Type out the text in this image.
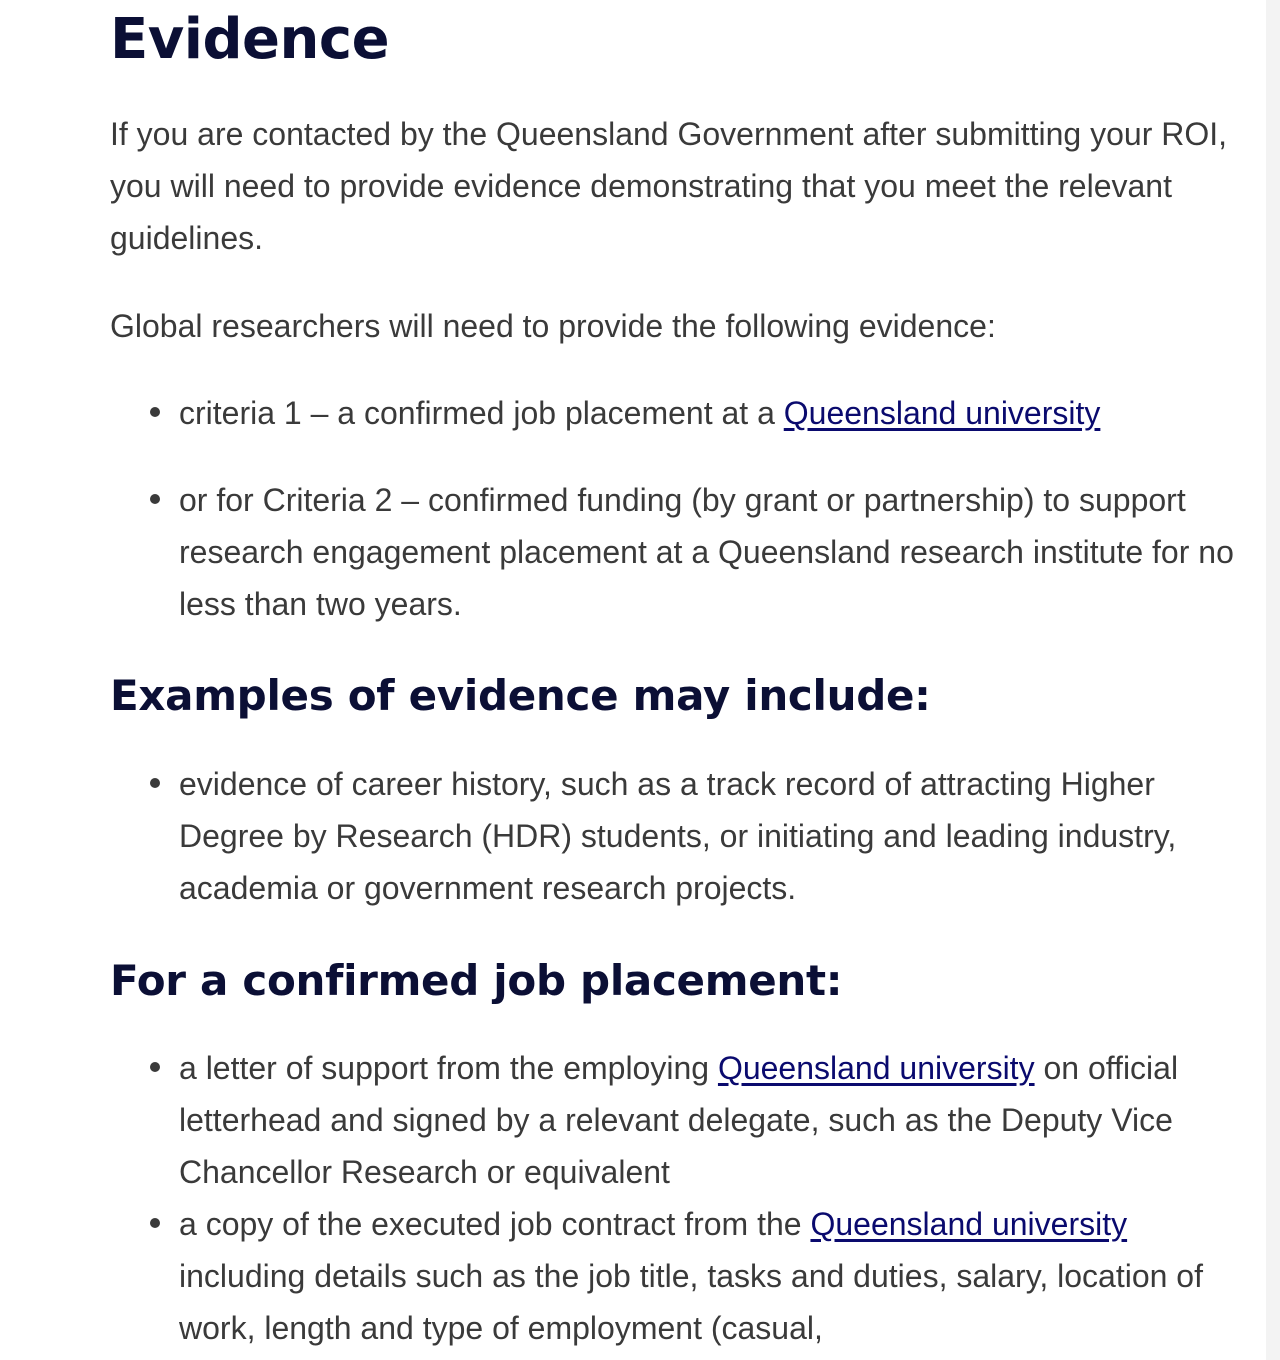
Evidence

If you are contacted by the Queensland Government after submitting your ROI, you will need to provide evidence demonstrating that you meet the relevant guidelines.

Global researchers will need to provide the following evidence:

criteria 1 – a confirmed job placement at a Queensland university
or for Criteria 2 – confirmed funding (by grant or partnership) to support research engagement placement at a Queensland research institute for no less than two years.
Examples of evidence may include:
evidence of career history, such as a track record of attracting Higher Degree by Research (HDR) students, or initiating and leading industry, academia or government research projects.
For a confirmed job placement:
a letter of support from the employing Queensland university on official letterhead and signed by a relevant delegate, such as the Deputy Vice Chancellor Research or equivalent
a copy of the executed job contract from the Queensland university including details such as the job title, tasks and duties, salary, location of work, length and type of employment (casual,
